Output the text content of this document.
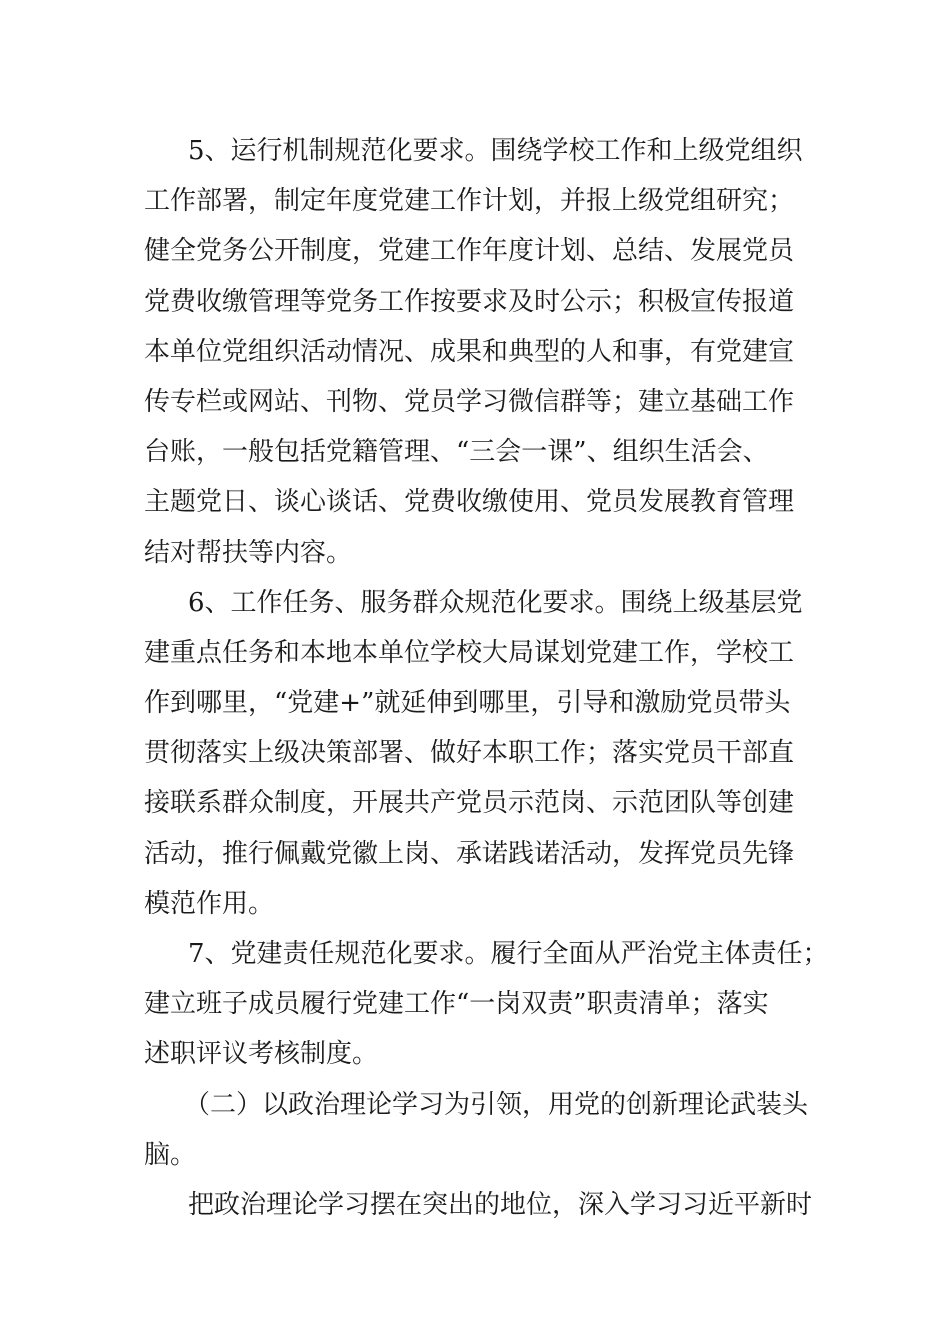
5、运行机制规范化要求。围绕学校工作和上级党组织
工作部署，制定年度党建工作计划，并报上级党组研究；
健全党务公开制度，党建工作年度计划、总结、发展党员
党费收缴管理等党务工作按要求及时公示；积极宣传报道
本单位党组织活动情况、成果和典型的人和事，有党建宣
传专栏或网站、刊物、党员学习微信群等；建立基础工作
台账，一般包括党籍管理、“三会一课”、组织生活会、
主题党日、谈心谈话、党费收缴使用、党员发展教育管理
结对帮扶等内容。
6、工作任务、服务群众规范化要求。围绕上级基层党
建重点任务和本地本单位学校大局谋划党建工作，学校工
作到哪里，“党建+”就延伸到哪里，引导和激励党员带头
贯彻落实上级决策部署、做好本职工作；落实党员干部直
接联系群众制度，开展共产党员示范岗、示范团队等创建
活动，推行佩戴党徽上岗、承诺践诺活动，发挥党员先锋
模范作用。
7、党建责任规范化要求。履行全面从严治党主体责任；
建立班子成员履行党建工作“一岗双责”职责清单；落实
述职评议考核制度。
（二）以政治理论学习为引领，用党的创新理论武装头
脑。
把政治理论学习摆在突出的地位，深入学习习近平新时
